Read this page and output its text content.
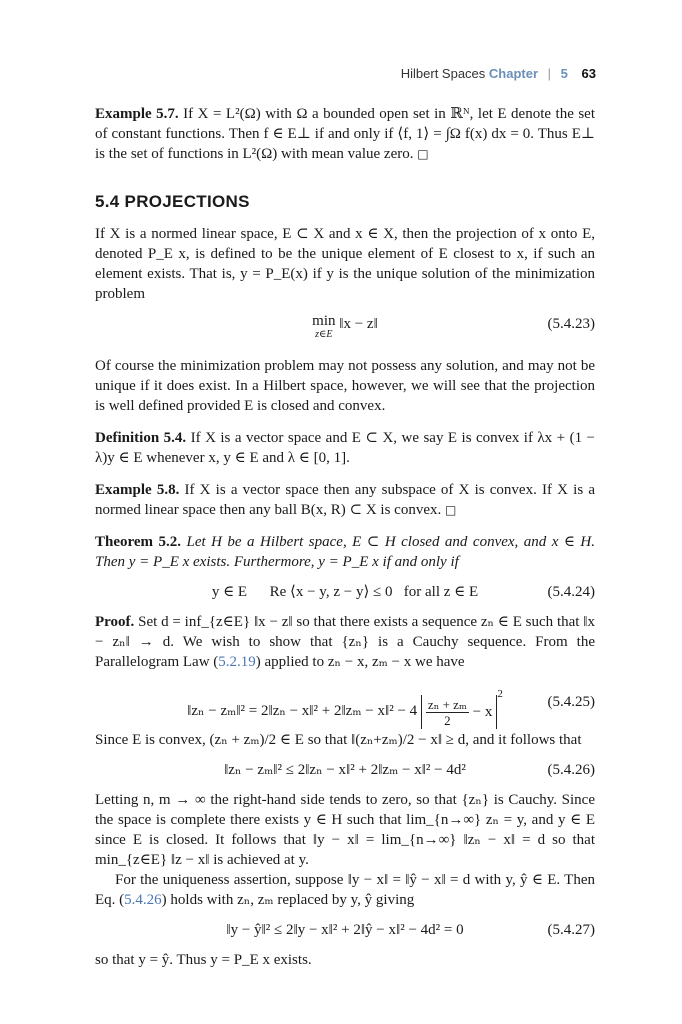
Hilbert Spaces Chapter | 5 63

Example 5.7. If X = L²(Ω) with Ω a bounded open set in ℝᴺ, let E denote the set of constant functions. Then f ∈ E⊥ if and only if ⟨f, 1⟩ = ∫Ω f(x) dx = 0. Thus E⊥ is the set of functions in L²(Ω) with mean value zero. □

5.4 PROJECTIONS

If X is a normed linear space, E ⊂ X and x ∈ X, then the projection of x onto E, denoted P_E x, is defined to be the unique element of E closest to x, if such an element exists. That is, y = P_E(x) if y is the unique solution of the minimization problem

min
z∈E
‖x − z‖	(5.4.23)

Of course the minimization problem may not possess any solution, and may not be unique if it does exist. In a Hilbert space, however, we will see that the projection is well defined provided E is closed and convex.

Definition 5.4. If X is a vector space and E ⊂ X, we say E is convex if λx + (1 − λ)y ∈ E whenever x, y ∈ E and λ ∈ [0, 1].

Example 5.8. If X is a vector space then any subspace of X is convex. If X is a normed linear space then any ball B(x, R) ⊂ X is convex. □

Theorem 5.2. Let H be a Hilbert space, E ⊂ H closed and convex, and x ∈ H. Then y = P_E x exists. Furthermore, y = P_E x if and only if

y ∈ E      Re ⟨x − y, z − y⟩ ≤ 0   for all z ∈ E	(5.4.24)

Proof. Set d = inf_{z∈E} ‖x − z‖ so that there exists a sequence zₙ ∈ E such that ‖x − zₙ‖ → d. We wish to show that {zₙ} is a Cauchy sequence. From the Parallelogram Law (5.2.19) applied to zₙ − x, zₘ − x we have

‖zₙ − zₘ‖² = 2‖zₙ − x‖² + 2‖zₘ − x‖² − $4 \frac{\text{zₙ + zₘ}}{2} - x^2$	(5.4.25)

Since E is convex, (zₙ + zₘ)/2 ∈ E so that ‖(zₙ+zₘ)/2 − x‖ ≥ d, and it follows that

‖zₙ − zₘ‖² ≤ 2‖zₙ − x‖² + 2‖zₘ − x‖² − 4d²	(5.4.26)

Letting n, m → ∞ the right-hand side tends to zero, so that {zₙ} is Cauchy. Since the space is complete there exists y ∈ H such that lim_{n→∞} zₙ = y, and y ∈ E since E is closed. It follows that ‖y − x‖ = lim_{n→∞} ‖zₙ − x‖ = d so that min_{z∈E} ‖z − x‖ is achieved at y.

For the uniqueness assertion, suppose ‖y − x‖ = ‖ŷ − x‖ = d with y, ŷ ∈ E. Then Eq. (5.4.26) holds with zₙ, zₘ replaced by y, ŷ giving

‖y − ŷ‖² ≤ 2‖y − x‖² + 2‖ŷ − x‖² − 4d² = 0	(5.4.27)

so that y = ŷ. Thus y = P_E x exists.
